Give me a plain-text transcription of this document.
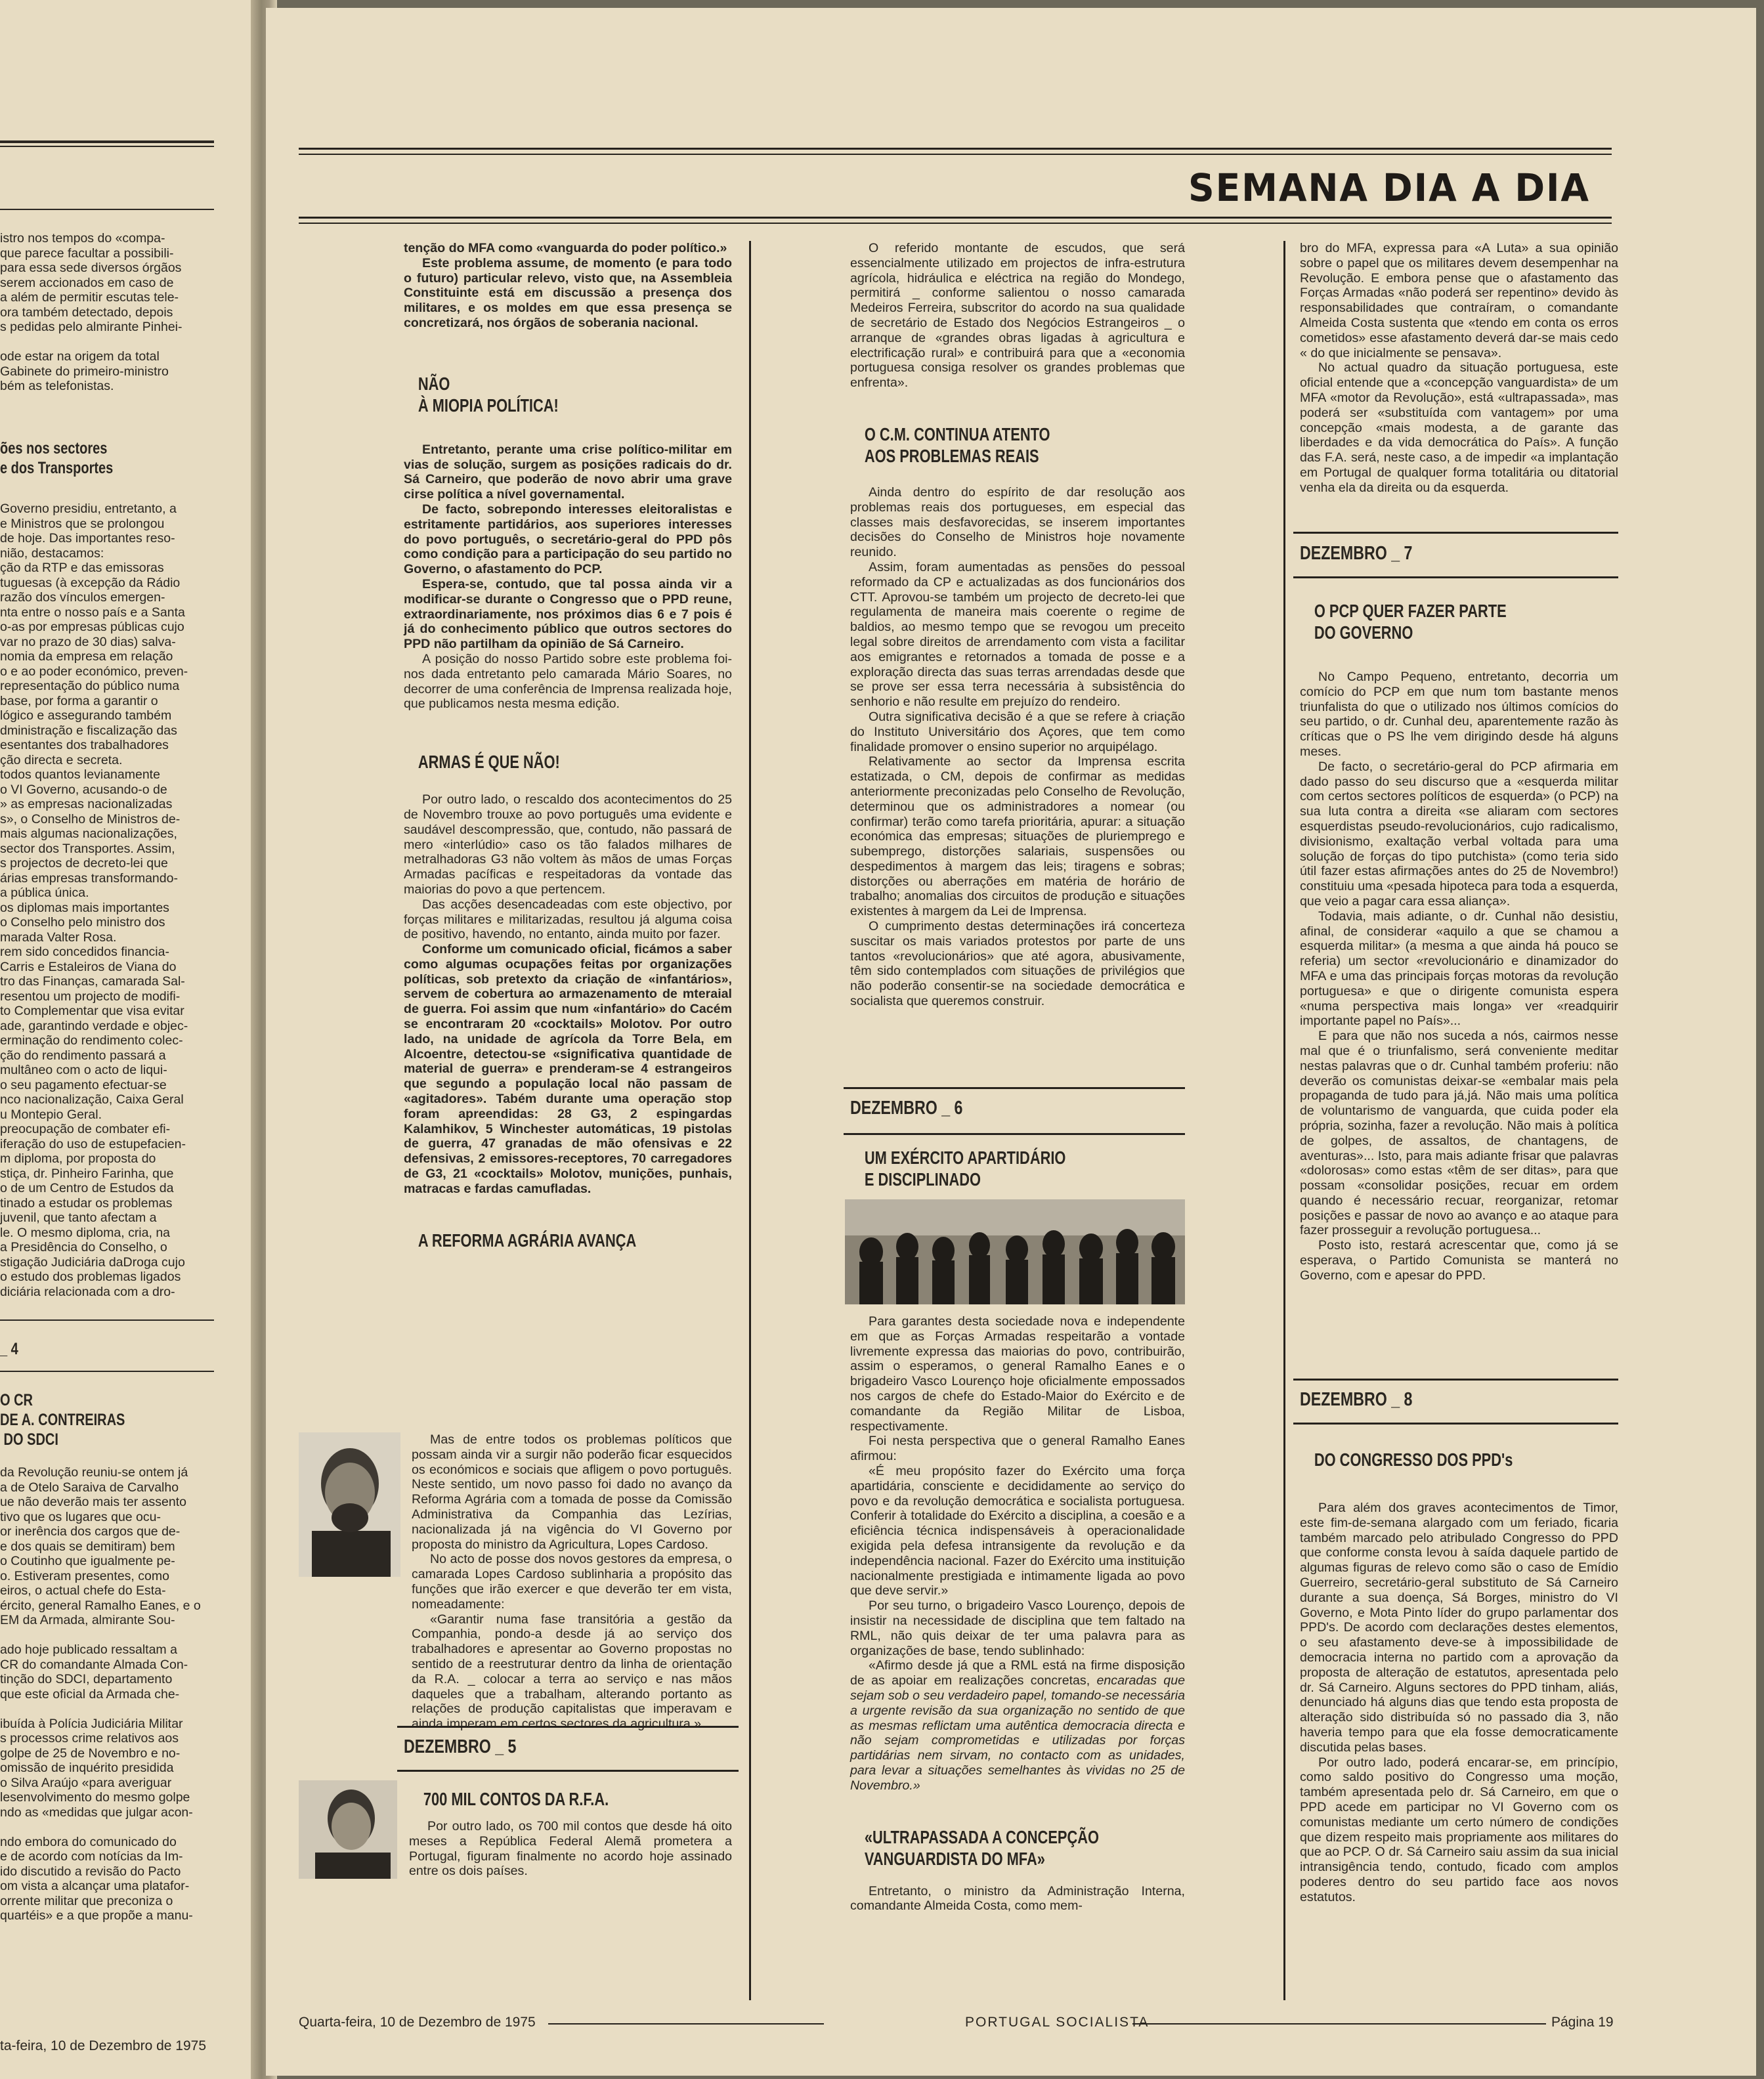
istro nos tempos do «compa-
que parece facultar a possibili-
para essa sede diversos órgãos
serem accionados em caso de
a além de permitir escutas tele-
ora também detectado, depois
s pedidas pelo almirante Pinhei-

ode estar na origem da total
Gabinete do primeiro-ministro
bém as telefonistas.
ões nos sectores
e dos Transportes
Governo presidiu, entretanto, a
e Ministros que se prolongou
de hoje. Das importantes reso-
nião, destacamos:
ção da RTP e das emissoras
tuguesas (à excepção da Rádio
razão dos vínculos emergen-
nta entre o nosso país e a Santa
o-as por empresas públicas cujo
var no prazo de 30 dias) salva-
nomia da empresa em relação
o e ao poder económico, preven-
representação do público numa
base, por forma a garantir o
lógico e assegurando também
dministração e fiscalização das
esentantes dos trabalhadores
ção directa e secreta.
todos quantos levianamente
o VI Governo, acusando-o de
» as empresas nacionalizadas
s», o Conselho de Ministros de-
mais algumas nacionalizações,
sector dos Transportes. Assim,
s projectos de decreto-lei que
árias empresas transformando-
a pública única.
os diplomas mais importantes
o Conselho pelo ministro dos
marada Valter Rosa.
rem sido concedidos financia-
Carris e Estaleiros de Viana do
tro das Finanças, camarada Sal-
resentou um projecto de modifi-
to Complementar que visa evitar
ade, garantindo verdade e objec-
erminação do rendimento colec-
ção do rendimento passará a
multâneo com o acto de liqui-
o seu pagamento efectuar-se
nco nacionalização, Caixa Geral
u Montepio Geral.
preocupação de combater efi-
iferação do uso de estupefacien-
m diploma, por proposta do
stiça, dr. Pinheiro Farinha, que
o de um Centro de Estudos da
tinado a estudar os problemas
juvenil, que tanto afectam a
le. O mesmo diploma, cria, na
a Presidência do Conselho, o
stigação Judiciária daDroga cujo
o estudo dos problemas ligados
diciária relacionada com a dro-
_ 4
O CR
DE A. CONTREIRAS
DO SDCI
da Revolução reuniu-se ontem já
a de Otelo Saraiva de Carvalho
ue não deverão mais ter assento
tivo que os lugares que ocu-
or inerência dos cargos que de-
e dos quais se demitiram) bem
o Coutinho que igualmente pe-
o. Estiveram presentes, como
eiros, o actual chefe do Esta-
ército, general Ramalho Eanes, e o
EM da Armada, almirante Sou-

ado hoje publicado ressaltam a
CR do comandante Almada Con-
tinção do SDCI, departamento
que este oficial da Armada che-

ibuída à Polícia Judiciária Militar
s processos crime relativos aos
golpe de 25 de Novembro e no-
omissão de inquérito presidida
o Silva Araújo «para averiguar
lesenvolvimento do mesmo golpe
ndo as «medidas que julgar acon-

ndo embora do comunicado do
e de acordo com notícias da Im-
ido discutido a revisão do Pacto
om vista a alcançar uma platafor-
orrente militar que preconiza o
quartéis» e a que propõe a manu-
ta-feira, 10 de Dezembro de 1975
SEMANA DIA A DIA

tenção do MFA como «vanguarda do poder político.»

Este problema assume, de momento (e para todo o futuro) particular relevo, visto que, na Assembleia Constituinte está em discussão a presença dos militares, e os moldes em que essa presença se concretizará, nos órgãos de soberania nacional.

NÃO

À MIOPIA POLÍTICA!

Entretanto, perante uma crise político-militar em vias de solução, surgem as posições radicais do dr. Sá Carneiro, que poderão de novo abrir uma grave cirse política a nível governamental.

De facto, sobrepondo interesses eleitoralistas e estritamente partidários, aos superiores interesses do povo português, o secretário-geral do PPD pôs como condição para a participação do seu partido no Governo, o afastamento do PCP.

Espera-se, contudo, que tal possa ainda vir a modificar-se durante o Congresso que o PPD reune, extraordinariamente, nos próximos dias 6 e 7 pois é já do conhecimento público que outros sectores do PPD não partilham da opinião de Sá Carneiro.

A posição do nosso Partido sobre este problema foi-nos dada entretanto pelo camarada Mário Soares, no decorrer de uma conferência de Imprensa realizada hoje, que publicamos nesta mesma edição.

ARMAS É QUE NÃO!

Por outro lado, o rescaldo dos acontecimentos do 25 de Novembro trouxe ao povo português uma evidente e saudável descompressão, que, contudo, não passará de mero «interlúdio» caso os tão falados milhares de metralhadoras G3 não voltem às mãos de umas Forças Armadas pacíficas e respeitadoras da vontade das maiorias do povo a que pertencem.

Das acções desencadeadas com este objectivo, por forças militares e militarizadas, resultou já alguma coisa de positivo, havendo, no entanto, ainda muito por fazer.

Conforme um comunicado oficial, ficámos a saber como algumas ocupações feitas por organizações políticas, sob pretexto da criação de «infantários», servem de cobertura ao armazenamento de mteraial de guerra. Foi assim que num «infantário» do Cacém se encontraram 20 «cocktails» Molotov. Por outro lado, na unidade de agrícola da Torre Bela, em Alcoentre, detectou-se «significativa quantidade de material de guerra» e prenderam-se 4 estrangeiros que segundo a população local não passam de «agitadores». Tabém durante uma operação stop foram apreendidas: 28 G3, 2 espingardas Kalamhikov, 5 Winchester automáticas, 19 pistolas de guerra, 47 granadas de mão ofensivas e 22 defensivas, 2 emissores-receptores, 70 carregadores de G3, 21 «cocktails» Molotov, munições, punhais, matracas e fardas camufladas.

A REFORMA AGRÁRIA AVANÇA

Mas de entre todos os problemas políticos que possam ainda vir a surgir não poderão ficar esquecidos os económicos e sociais que afligem o povo português. Neste sentido, um novo passo foi dado no avanço da Reforma Agrária com a tomada de posse da Comissão Administrativa da Companhia das Lezírias, nacionalizada já na vigência do VI Governo por proposta do ministro da Agricultura, Lopes Cardoso.

No acto de posse dos novos gestores da empresa, o camarada Lopes Cardoso sublinharia a propósito das funções que irão exercer e que deverão ter em vista, nomeadamente:

«Garantir numa fase transitória a gestão da Companhia, pondo-a desde já ao serviço dos trabalhadores e apresentar ao Governo propostas no sentido de a reestruturar dentro da linha de orientação da R.A. _ colocar a terra ao serviço e nas mãos daqueles que a trabalham, alterando portanto as relações de produção capitalistas que imperavam e ainda imperam em certos sectores da agricultura.»

DEZEMBRO _ 5

700 MIL CONTOS DA R.F.A.

Por outro lado, os 700 mil contos que desde há oito meses a República Federal Alemã prometera a Portugal, figuram finalmente no acordo hoje assinado entre os dois países.

O referido montante de escudos, que será essencialmente utilizado em projectos de infra-estrutura agrícola, hidráulica e eléctrica na região do Mondego, permitirá _ conforme salientou o nosso camarada Medeiros Ferreira, subscritor do acordo na sua qualidade de secretário de Estado dos Negócios Estrangeiros _ o arranque de «grandes obras ligadas à agricultura e electrificação rural» e contribuirá para que a «economia portuguesa consiga resolver os grandes problemas que enfrenta».

O C.M. CONTINUA ATENTO

AOS PROBLEMAS REAIS

Ainda dentro do espírito de dar resolução aos problemas reais dos portugueses, em especial das classes mais desfavorecidas, se inserem importantes decisões do Conselho de Ministros hoje novamente reunido.

Assim, foram aumentadas as pensões do pessoal reformado da CP e actualizadas as dos funcionários dos CTT. Aprovou-se também um projecto de decreto-lei que regulamenta de maneira mais coerente o regime de baldios, ao mesmo tempo que se revogou um preceito legal sobre direitos de arrendamento com vista a facilitar aos emigrantes e retornados a tomada de posse e a exploração directa das suas terras arrendadas desde que se prove ser essa terra necessária à subsistência do senhorio e não resulte em prejuízo do rendeiro.

Outra significativa decisão é a que se refere à criação do Instituto Universitário dos Açores, que tem como finalidade promover o ensino superior no arquipélago.

Relativamente ao sector da Imprensa escrita estatizada, o CM, depois de confirmar as medidas anteriormente preconizadas pelo Conselho de Revolução, determinou que os administradores a nomear (ou confirmar) terão como tarefa prioritária, apurar: a situação económica das empresas; situações de pluriemprego e subemprego, distorções salariais, suspensões ou despedimentos à margem das leis; tiragens e sobras; distorções ou aberrações em matéria de horário de trabalho; anomalias dos circuitos de produção e situações existentes à margem da Lei de Imprensa.

O cumprimento destas determinações irá concerteza suscitar os mais variados protestos por parte de uns tantos «revolucionários» que até agora, abusivamente, têm sido contemplados com situações de privilégios que não poderão consentir-se na sociedade democrática e socialista que queremos construir.

DEZEMBRO _ 6

UM EXÉRCITO APARTIDÁRIO

E DISCIPLINADO

Para garantes desta sociedade nova e independente em que as Forças Armadas respeitarão a vontade livremente expressa das maiorias do povo, contribuirão, assim o esperamos, o general Ramalho Eanes e o brigadeiro Vasco Lourenço hoje oficialmente empossados nos cargos de chefe do Estado-Maior do Exército e de comandante da Região Militar de Lisboa, respectivamente.

Foi nesta perspectiva que o general Ramalho Eanes afirmou:

«É meu propósito fazer do Exército uma força apartidária, consciente e decididamente ao serviço do povo e da revolução democrática e socialista portuguesa. Conferir à totalidade do Exército a disciplina, a coesão e a eficiência técnica indispensáveis à operacionalidade exigida pela defesa intransigente da revolução e da independência nacional. Fazer do Exército uma instituição nacionalmente prestigiada e intimamente ligada ao povo que deve servir.»

Por seu turno, o brigadeiro Vasco Lourenço, depois de insistir na necessidade de disciplina que tem faltado na RML, não quis deixar de ter uma palavra para as organizações de base, tendo sublinhado:

«Afirmo desde já que a RML está na firme disposição de as apoiar em realizações concretas, encaradas que sejam sob o seu verdadeiro papel, tomando-se necessária a urgente revisão da sua organização no sentido de que as mesmas reflictam uma autêntica democracia directa e não sejam comprometidas e utilizadas por forças partidárias nem sirvam, no contacto com as unidades, para levar a situações semelhantes às vividas no 25 de Novembro.»

«ULTRAPASSADA A CONCEPÇÃO

VANGUARDISTA DO MFA»

Entretanto, o ministro da Administração Interna, comandante Almeida Costa, como mem-

bro do MFA, expressa para «A Luta» a sua opinião sobre o papel que os militares devem desempenhar na Revolução. E embora pense que o afastamento das Forças Armadas «não poderá ser repentino» devido às responsabilidades que contraíram, o comandante Almeida Costa sustenta que «tendo em conta os erros cometidos» esse afastamento deverá dar-se mais cedo « do que inicialmente se pensava».

No actual quadro da situação portuguesa, este oficial entende que a «concepção vanguardista» de um MFA «motor da Revolução», está «ultrapassada», mas poderá ser «substituída com vantagem» por uma concepção «mais modesta, a de garante das liberdades e da vida democrática do País». A função das F.A. será, neste caso, a de impedir «a implantação em Portugal de qualquer forma totalitária ou ditatorial venha ela da direita ou da esquerda.

DEZEMBRO _ 7

O PCP QUER FAZER PARTE

DO GOVERNO

No Campo Pequeno, entretanto, decorria um comício do PCP em que num tom bastante menos triunfalista do que o utilizado nos últimos comícios do seu partido, o dr. Cunhal deu, aparentemente razão às críticas que o PS lhe vem dirigindo desde há alguns meses.

De facto, o secretário-geral do PCP afirmaria em dado passo do seu discurso que a «esquerda militar com certos sectores políticos de esquerda» (o PCP) na sua luta contra a direita «se aliaram com sectores esquerdistas pseudo-revolucionários, cujo radicalismo, divisionismo, exaltação verbal voltada para uma solução de forças do tipo putchista» (como teria sido útil fazer estas afirmações antes do 25 de Novembro!) constituiu uma «pesada hipoteca para toda a esquerda, que veio a pagar cara essa aliança».

Todavia, mais adiante, o dr. Cunhal não desistiu, afinal, de considerar «aquilo a que se chamou a esquerda militar» (a mesma a que ainda há pouco se referia) um sector «revolucionário e dinamizador do MFA e uma das principais forças motoras da revolução portuguesa» e que o dirigente comunista espera «numa perspectiva mais longa» ver «readquirir importante papel no País»...

E para que não nos suceda a nós, cairmos nesse mal que é o triunfalismo, será conveniente meditar nestas palavras que o dr. Cunhal também proferiu: não deverão os comunistas deixar-se «embalar mais pela propaganda de tudo para já,já. Não mais uma política de voluntarismo de vanguarda, que cuida poder ela própria, sozinha, fazer a revolução. Não mais à política de golpes, de assaltos, de chantagens, de aventuras»... Isto, para mais adiante frisar que palavras «dolorosas» como estas «têm de ser ditas», para que possam «consolidar posições, recuar em ordem quando é necessário recuar, reorganizar, retomar posições e passar de novo ao avanço e ao ataque para fazer prosseguir a revolução portuguesa...

Posto isto, restará acrescentar que, como já se esperava, o Partido Comunista se manterá no Governo, com e apesar do PPD.

DEZEMBRO _ 8

DO CONGRESSO DOS PPD's

Para além dos graves acontecimentos de Timor, este fim-de-semana alargado com um feriado, ficaria também marcado pelo atribulado Congresso do PPD que conforme consta levou à saída daquele partido de algumas figuras de relevo como são o caso de Emídio Guerreiro, secretário-geral substituto de Sá Carneiro durante a sua doença, Sá Borges, ministro do VI Governo, e Mota Pinto líder do grupo parlamentar dos PPD's. De acordo com declarações destes elementos, o seu afastamento deve-se à impossibilidade de democracia interna no partido com a aprovação da proposta de alteração de estatutos, apresentada pelo dr. Sá Carneiro. Alguns sectores do PPD tinham, aliás, denunciado há alguns dias que tendo esta proposta de alteração sido distribuída só no passado dia 3, não haveria tempo para que ela fosse democraticamente discutida pelas bases.

Por outro lado, poderá encarar-se, em princípio, como saldo positivo do Congresso uma moção, também apresentada pelo dr. Sá Carneiro, em que o PPD acede em participar no VI Governo com os comunistas mediante um certo número de condições que dizem respeito mais propriamente aos militares do que ao PCP. O dr. Sá Carneiro saiu assim da sua inicial intransigência tendo, contudo, ficado com amplos poderes dentro do seu partido face aos novos estatutos.

Quarta-feira, 10 de Dezembro de 1975	PORTUGAL SOCIALISTA	Página 19
